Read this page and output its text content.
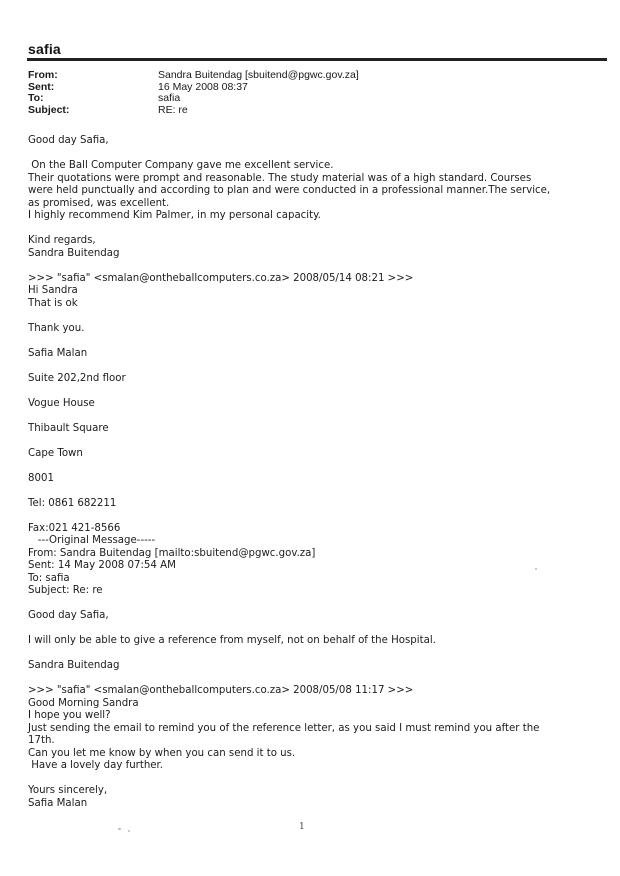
safia
From:	Sandra Buitendag [sbuitend@pgwc.gov.za]
Sent:	16 May 2008 08:37
To:	safia
Subject:	RE: re

Good day Safia,

On the Ball Computer Company gave me excellent service.

Their quotations were prompt and reasonable. The study material was of a high standard. Courses

were held punctually and according to plan and were conducted in a professional manner.The service,

as promised, was excellent.

I highly recommend Kim Palmer, in my personal capacity.

Kind regards,

Sandra Buitendag

>>> "safia" <smalan@ontheballcomputers.co.za> 2008/05/14 08:21 >>>

Hi Sandra

That is ok

Thank you.

Safia Malan

Suite 202,2nd floor

Vogue House

Thibault Square

Cape Town

8001

Tel: 0861 682211

Fax:021 421-8566

---Original Message-----

From: Sandra Buitendag [mailto:sbuitend@pgwc.gov.za]

Sent: 14 May 2008 07:54 AM

To: safia

Subject: Re: re

Good day Safia,

I will only be able to give a reference from myself, not on behalf of the Hospital.

Sandra Buitendag

>>> "safia" <smalan@ontheballcomputers.co.za> 2008/05/08 11:17 >>>

Good Morning Sandra

I hope you well?

Just sending the email to remind you of the reference letter, as you said I must remind you after the

17th.

Can you let me know by when you can send it to us.

Have a lovely day further.

Yours sincerely,

Safia Malan

1
